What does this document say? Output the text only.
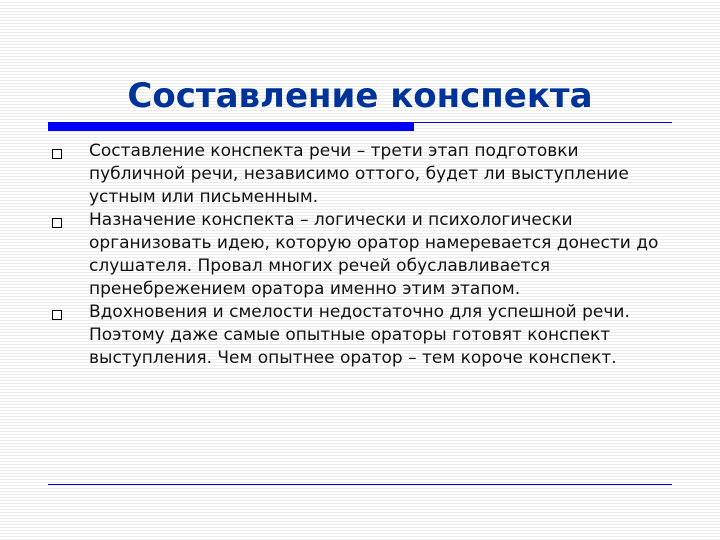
Составление конспекта
Составление конспекта речи – трети этап подготовки публичной речи, независимо оттого, будет ли выступление устным или письменным.
Назначение конспекта – логически и психологически организовать идею, которую оратор намеревается донести до слушателя. Провал многих речей обуславливается пренебрежением оратора именно этим этапом.
Вдохновения и смелости недостаточно для успешной речи. Поэтому даже самые опытные ораторы готовят конспект выступления. Чем опытнее оратор – тем короче конспект.
